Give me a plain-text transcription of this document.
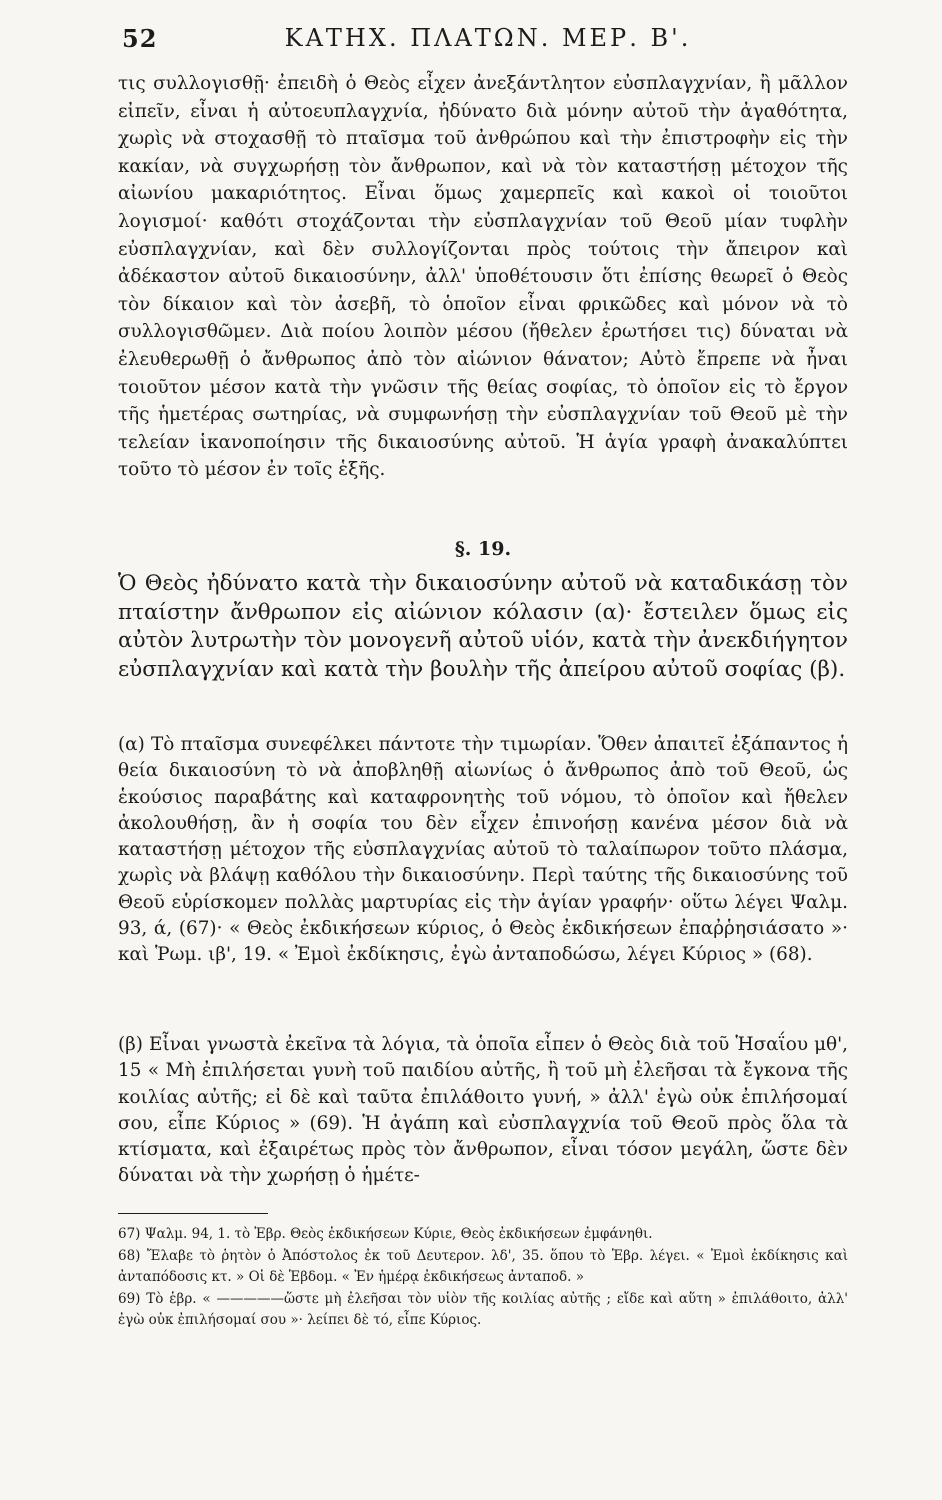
52	ΚΑΤΗΧ. ΠΛΑΤΩΝ. ΜΕΡ. Β'.
τις συλλογισθῇ· ἐπειδὴ ὁ Θεὸς εἶχεν ἀνεξάντλητον εὐσπλαγχνίαν, ἢ μᾶλλον εἰπεῖν, εἶναι ἡ αὐτοευπλαγχνία, ἠδύνατο διὰ μόνην αὐτοῦ τὴν ἀγαθότητα, χωρὶς νὰ στοχασθῇ τὸ πταῖσμα τοῦ ἀνθρώπου καὶ τὴν ἐπιστροφὴν εἰς τὴν κακίαν, νὰ συγχωρήσῃ τὸν ἄνθρωπον, καὶ νὰ τὸν καταστήσῃ μέτοχον τῆς αἰωνίου μακαριότητος. Εἶναι ὅμως χαμερπεῖς καὶ κακοὶ οἱ τοιοῦτοι λογισμοί· καθότι στοχάζονται τὴν εὐσπλαγχνίαν τοῦ Θεοῦ μίαν τυφλὴν εὐσπλαγχνίαν, καὶ δὲν συλλογίζονται πρὸς τούτοις τὴν ἄπειρον καὶ ἀδέκαστον αὐτοῦ δικαιοσύνην, ἀλλ' ὑποθέτουσιν ὅτι ἐπίσης θεωρεῖ ὁ Θεὸς τὸν δίκαιον καὶ τὸν ἀσεβῆ, τὸ ὁποῖον εἶναι φρικῶδες καὶ μόνον νὰ τὸ συλλογισθῶμεν. Διὰ ποίου λοιπὸν μέσου (ἤθελεν ἐρωτήσει τις) δύναται νὰ ἐλευθερωθῇ ὁ ἄνθρωπος ἀπὸ τὸν αἰώνιον θάνατον; Αὐτὸ ἔπρεπε νὰ ἦναι τοιοῦτον μέσον κατὰ τὴν γνῶσιν τῆς θείας σοφίας, τὸ ὁποῖον εἰς τὸ ἔργον τῆς ἡμετέρας σωτηρίας, νὰ συμφωνήσῃ τὴν εὐσπλαγχνίαν τοῦ Θεοῦ μὲ τὴν τελείαν ἱκανοποίησιν τῆς δικαιοσύνης αὐτοῦ. Ἡ ἁγία γραφὴ ἀνακαλύπτει τοῦτο τὸ μέσον ἐν τοῖς ἑξῆς.
§. 19.
Ὁ Θεὸς ἠδύνατο κατὰ τὴν δικαιοσύνην αὐτοῦ νὰ καταδικάσῃ τὸν πταίστην ἄνθρωπον εἰς αἰώνιον κόλασιν (α)· ἔστειλεν ὅμως εἰς αὐτὸν λυτρωτὴν τὸν μονογενῆ αὐτοῦ υἱόν, κατὰ τὴν ἀνεκδιήγητον εὐσπλαγχνίαν καὶ κατὰ τὴν βουλὴν τῆς ἀπείρου αὐτοῦ σοφίας (β).
(α) Τὸ πταῖσμα συνεφέλκει πάντοτε τὴν τιμωρίαν. Ὅθεν ἀπαιτεῖ ἐξάπαντος ἡ θεία δικαιοσύνη τὸ νὰ ἀποβληθῇ αἰωνίως ὁ ἄνθρωπος ἀπὸ τοῦ Θεοῦ, ὡς ἑκούσιος παραβάτης καὶ καταφρονητὴς τοῦ νόμου, τὸ ὁποῖον καὶ ἤθελεν ἀκολουθήσῃ, ἂν ἡ σοφία του δὲν εἶχεν ἐπινοήσῃ κανένα μέσον διὰ νὰ καταστήσῃ μέτοχον τῆς εὐσπλαγχνίας αὐτοῦ τὸ ταλαίπωρον τοῦτο πλάσμα, χωρὶς νὰ βλάψῃ καθόλου τὴν δικαιοσύνην. Περὶ ταύτης τῆς δικαιοσύνης τοῦ Θεοῦ εὑρίσκομεν πολλὰς μαρτυρίας εἰς τὴν ἁγίαν γραφήν· οὕτω λέγει Ψαλμ. 93, ά, (67)· « Θεὸς ἐκδικήσεων κύριος, ὁ Θεὸς ἐκδικήσεων ἐπαῤῥησιάσατο »· καὶ Ῥωμ. ιβ', 19. « Ἐμοὶ ἐκδίκησις, ἐγὼ ἀνταποδώσω, λέγει Κύριος » (68).
(β) Εἶναι γνωστὰ ἐκεῖνα τὰ λόγια, τὰ ὁποῖα εἶπεν ὁ Θεὸς διὰ τοῦ Ἡσαΐου μθ', 15 « Μὴ ἐπιλήσεται γυνὴ τοῦ παιδίου αὐτῆς, ἢ τοῦ μὴ ἐλεῆσαι τὰ ἔγκονα τῆς κοιλίας αὐτῆς; εἰ δὲ καὶ ταῦτα ἐπιλάθοιτο γυνή, » ἀλλ' ἐγὼ οὐκ ἐπιλήσομαί σου, εἶπε Κύριος » (69). Ἡ ἀγάπη καὶ εὐσπλαγχνία τοῦ Θεοῦ πρὸς ὅλα τὰ κτίσματα, καὶ ἐξαιρέτως πρὸς τὸν ἄνθρωπον, εἶναι τόσον μεγάλη, ὥστε δὲν δύναται νὰ τὴν χωρήσῃ ὁ ἡμέτε-
67) Ψαλμ. 94, 1. τὸ Ἑβρ. Θεὸς ἐκδικήσεων Κύριε, Θεὸς ἐκδικήσεων ἐμφάνηθι.
68) Ἔλαβε τὸ ῥητὸν ὁ Ἀπόστολος ἐκ τοῦ Δευτερον. λδ', 35. ὅπου τὸ Ἑβρ. λέγει. « Ἐμοὶ ἐκδίκησις καὶ ἀνταπόδοσις κτ. » Οἱ δὲ Ἑβδομ. « Ἐν ἡμέρᾳ ἐκδικήσεως ἀνταποδ. »
69) Τὸ ἑβρ. « —————ὥστε μὴ ἐλεῆσαι τὸν υἱὸν τῆς κοιλίας αὐτῆς ; εἴδε καὶ αὕτη » ἐπιλάθοιτο, ἀλλ' ἐγὼ οὐκ ἐπιλήσομαί σου »· λείπει δὲ τό, εἶπε Κύριος.
